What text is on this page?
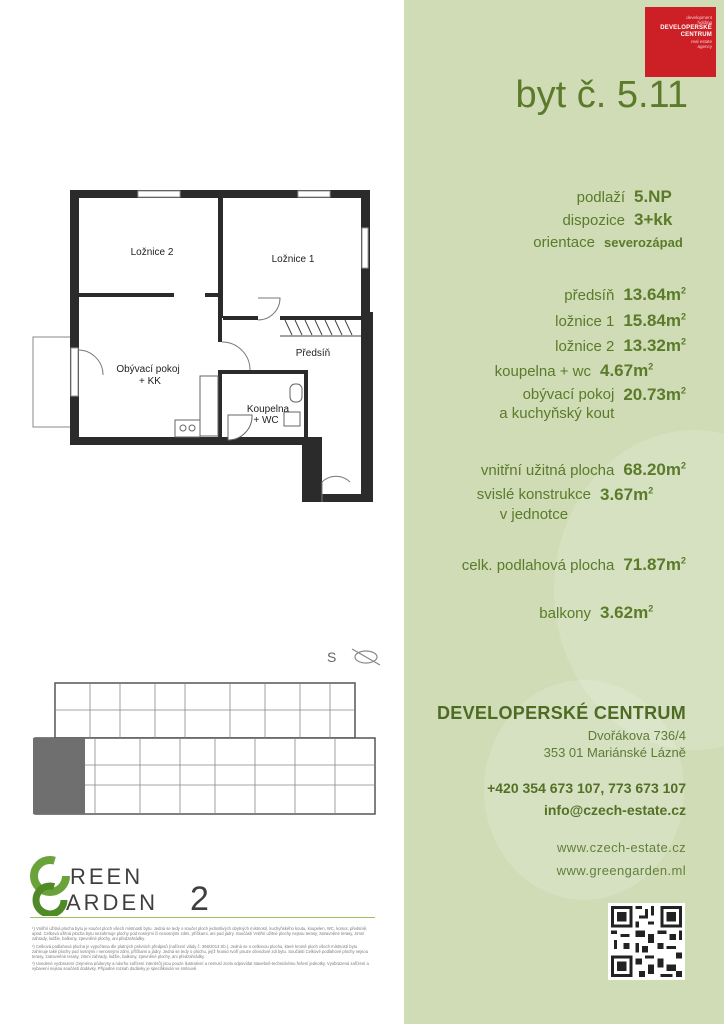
Ložnice 2
Ložnice 1
Obývací pokoj
+ KK
Předsíň
Koupelna
+ WC
S
REEN
ARDEN 2

¹) Vnitřní užitná plocha bytu je součet ploch všech místností bytu. Jedná se tedy o součet ploch jednotlivých obytných místností, kuchyňského koutu, koupelen, WC, komor, předsíně, apod. Celková užitná plocha bytu nezahrnuje plochy pod nosnými či nenosnými zdmi, příčkami, ani pod jádry. Součástí Vnitřní užitné plochy nejsou terasy, zatravněné terasy, zimní zahrady, lodžie, balkony, zpevněné plochy, ani předzahrádky.

²) Celková podlahová plocha je vypočtena dle platných právních předpisů (nařízení vlády č. 366/2013 Sb.). Jedná se o celkovou plochu, které kromě ploch všech místností bytu zahrnuje také plochy pod nosnými i nenosnými zdmi, příčkami a jádry. Jedná se tedy o plochu, jejíž hranici tvoří pouze obvodové zdi bytu. Součástí Celkové podlahové plochy nejsou terasy, zatravněné terasy, zimní zahrady, lodžie, balkony, zpevněné plochy, ani předzahrádky.

³) Uvedené vyobrazení (zejména půdorysy a návrhu zařízení interiérů) jsou pouze ilustrativní a nemusí zcela odpovídat stavebně-technickému řešení jednotky. Vyobrazená zařízení a vybavení nejsou součástí dodávky. Případné rozsah dodávky je specifikován ve smlouvě.

development
holding
DEVELOPERSKÉ
CENTRUM
real estate
agency
byt č. 5.11
podlaží 5.NP
dispozice 3+kk
orientace severozápad
předsíň $13.64m^2$
ložnice 1 $15.84m^2$
ložnice 2 $13.32m^2$
koupelna + wc $4.67m^2$
obývací pokoj
a kuchyňský kout
$20.73m^2$
vnitřní užitná plocha $68.20m^2$
svislé konstrukce
v jednotce
$3.67m^2$
celk. podlahová plocha $71.87m^2$
balkony $3.62m^2$
DEVELOPERSKÉ CENTRUM
Dvořákova 736/4
353 01 Mariánské Lázně
+420 354 673 107, 773 673 107
info@czech-estate.cz
www.czech-estate.cz
www.greengarden.ml
